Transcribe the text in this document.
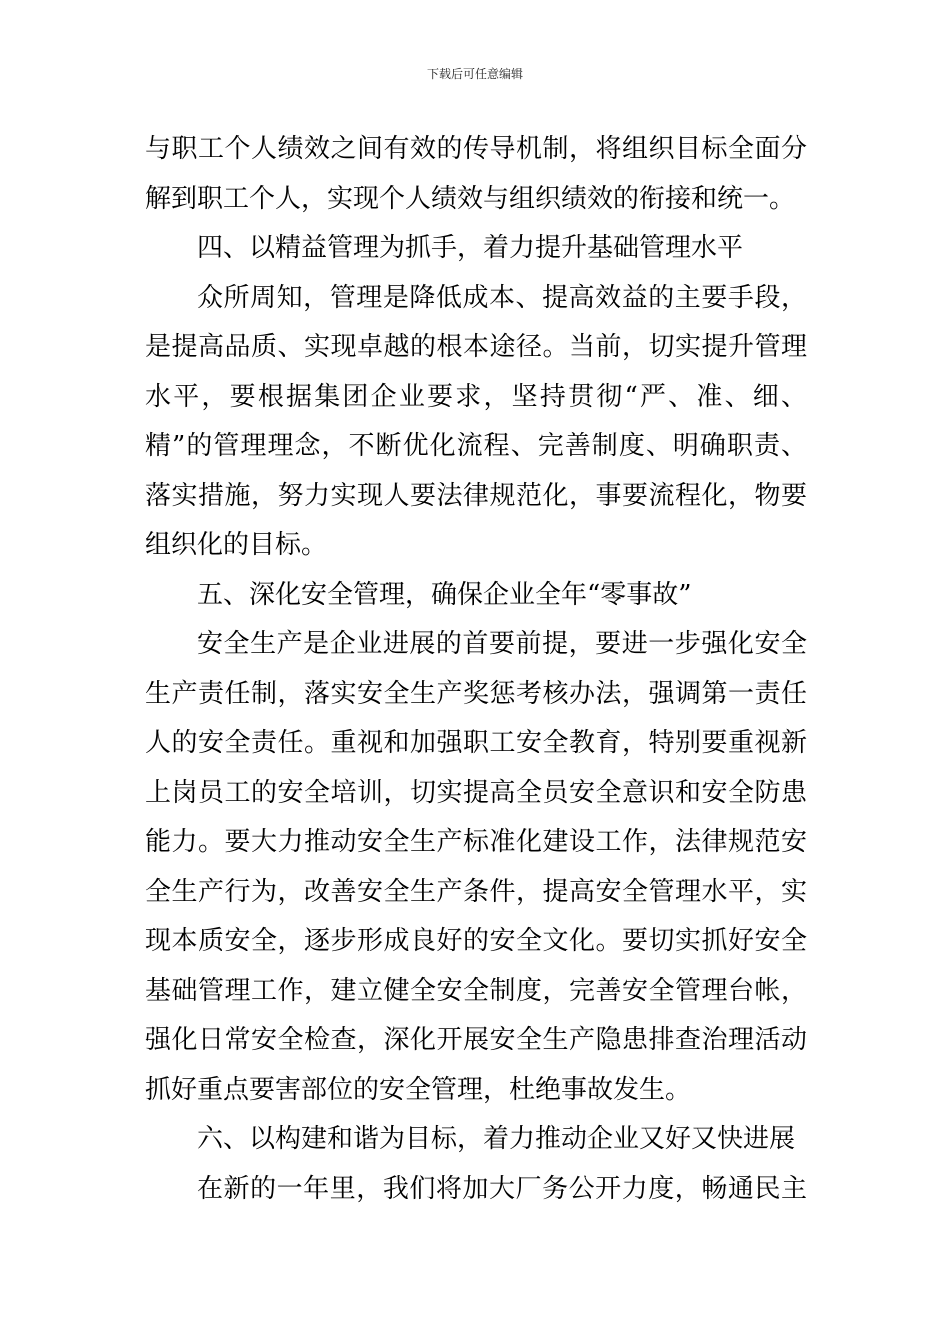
下载后可任意编辑
与职工个人绩效之间有效的传导机制，将组织目标全面分
解到职工个人，实现个人绩效与组织绩效的衔接和统一。
四、以精益管理为抓手，着力提升基础管理水平
众所周知，管理是降低成本、提高效益的主要手段，
是提高品质、实现卓越的根本途径。当前，切实提升管理
水平，要根据集团企业要求，坚持贯彻“严、准、细、
精”的管理理念，不断优化流程、完善制度、明确职责、
落实措施，努力实现人要法律规范化，事要流程化，物要
组织化的目标。
五、深化安全管理，确保企业全年“零事故”
安全生产是企业进展的首要前提，要进一步强化安全
生产责任制，落实安全生产奖惩考核办法，强调第一责任
人的安全责任。重视和加强职工安全教育，特别要重视新
上岗员工的安全培训，切实提高全员安全意识和安全防患
能力。要大力推动安全生产标准化建设工作，法律规范安
全生产行为，改善安全生产条件，提高安全管理水平，实
现本质安全，逐步形成良好的安全文化。要切实抓好安全
基础管理工作，建立健全安全制度，完善安全管理台帐，
强化日常安全检查，深化开展安全生产隐患排查治理活动
抓好重点要害部位的安全管理，杜绝事故发生。
六、以构建和谐为目标，着力推动企业又好又快进展
在新的一年里，我们将加大厂务公开力度，畅通民主
